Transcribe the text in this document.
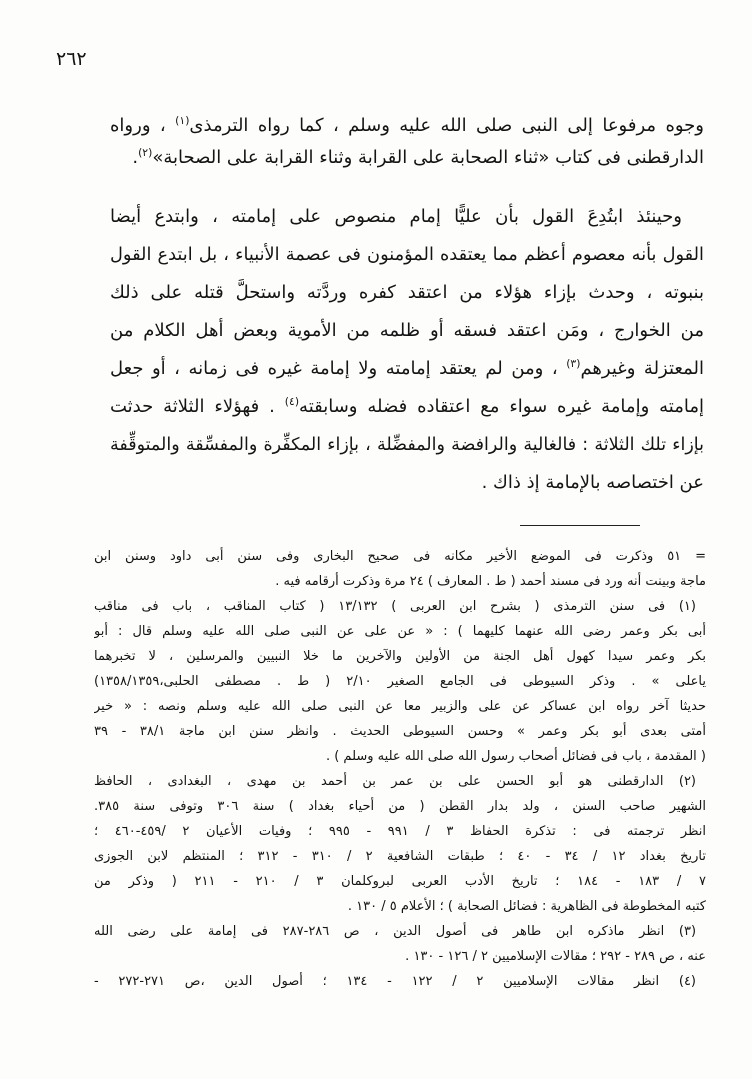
٢٦٢
وجوه مرفوعا إلى النبى صلى الله عليه وسلم ، كما رواه الترمذى$^{(١)}$ ، ورواه
الدارقطنى فى كتاب «ثناء الصحابة على القرابة وثناء القرابة على الصحابة»$^{(٢)}$.
وحينئذ ابتُدِعَ القول بأن عليًّا إمام منصوص على إمامته ، وابتدع أيضا
القول بأنه معصوم أعظم مما يعتقده المؤمنون فى عصمة الأنبياء ، بل ابتدع القول
بنبوته ، وحدث بإزاء هؤلاء من اعتقد كفره وردَّته واستحلَّ قتله على ذلك
من الخوارج ، ومَن اعتقد فسقه أو ظلمه من الأموية وبعض أهل الكلام من
المعتزلة وغيرهم$^{(٣)}$ ، ومن لم يعتقد إمامته ولا إمامة غيره فى زمانه ، أو جعل
إمامته وإمامة غيره سواء مع اعتقاده فضله وسابقته$^{(٤)}$ . فهؤلاء الثلاثة حدثت
بإزاء تلك الثلاثة : فالغالية والرافضة والمفضِّلة ، بإزاء المكفِّرة والمفسِّقة والمتوقِّفة
عن اختصاصه بالإمامة إذ ذاك .
= ٥١ وذكرت فى الموضع الأخير مكانه فى صحيح البخارى وفى سنن أبى داود وسنن ابن
ماجة وبينت أنه ورد فى مسند أحمد ( ط . المعارف ) ٢٤ مرة وذكرت أرقامه فيه .
(١) فى سنن الترمذى ( بشرح ابن العربى ) ١٣/١٣٢ ( كتاب المناقب ، باب فى مناقب
أبى بكر وعمر رضى الله عنهما كليهما ) : « عن على عن النبى صلى الله عليه وسلم قال : أبو
بكر وعمر سيدا كهول أهل الجنة من الأولين والآخرين ما خلا النبيين والمرسلين ، لا تخبرهما
ياعلى » . وذكر السيوطى فى الجامع الصغير ٢/١٠ ( ط . مصطفى الحلبى،١٣٥٨/١٣٥٩)
حديثا آخر رواه ابن عساكر عن على والزبير معا عن النبى صلى الله عليه وسلم ونصه : « خير
أمتى بعدى أبو بكر وعمر » وحسن السيوطى الحديث . وانظر سنن ابن ماجة ٣٨/١ - ٣٩
( المقدمة ، باب فى فضائل أصحاب رسول الله صلى الله عليه وسلم ) .
(٢) الدارقطنى هو أبو الحسن على بن عمر بن أحمد بن مهدى ، البغدادى ، الحافظ
الشهير صاحب السنن ، ولد بدار القطن ( من أحياء بغداد ) سنة ٣٠٦ وتوفى سنة ٣٨٥.
انظر ترجمته فى : تذكرة الحفاظ ٣ / ٩٩١ - ٩٩٥ ؛ وفيات الأعيان ٢ /٤٥٩-٤٦٠ ؛
تاريخ بغداد ١٢ / ٣٤ - ٤٠ ؛ طبقات الشافعية ٢ / ٣١٠ - ٣١٢ ؛ المنتظم لابن الجوزى
٧ / ١٨٣ - ١٨٤ ؛ تاريخ الأدب العربى لبروكلمان ٣ / ٢١٠ - ٢١١ ( وذكر من
كتبه المخطوطة فى الظاهرية : فضائل الصحابة ) ؛ الأعلام ٥ / ١٣٠ .
(٣) انظر ماذكره ابن طاهر فى أصول الدين ، ص ٢٨٦-٢٨٧ فى إمامة على رضى الله
عنه ، ص ٢٨٩ - ٢٩٢ ؛ مقالات الإسلاميين ٢ / ١٢٦ - ١٣٠ .
(٤) انظر مقالات الإسلاميين ٢ / ١٢٢ - ١٣٤ ؛ أصول الدين ،ص ٢٧١-٢٧٢ -
